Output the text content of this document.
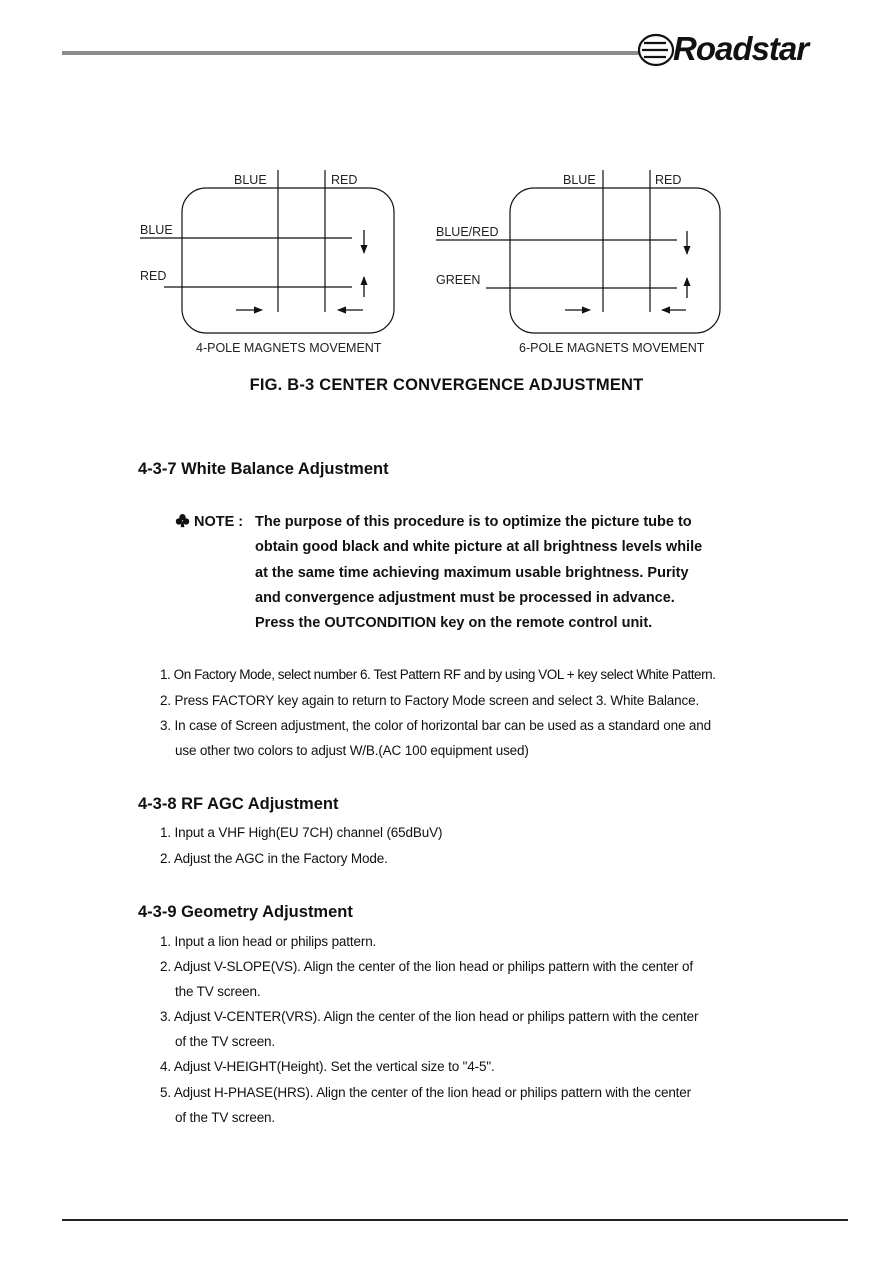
Roadstar
BLUE	RED
BLUE
RED
4-POLE MAGNETS MOVEMENT
BLUE	RED
BLUE/RED
GREEN
6-POLE MAGNETS MOVEMENT
FIG. B-3 CENTER CONVERGENCE ADJUSTMENT
4-3-7 White Balance Adjustment
NOTE : The purpose of this procedure is to optimize the picture tube to
obtain good black and white picture at all brightness levels while
at the same time achieving maximum usable brightness. Purity
and convergence adjustment must be processed in advance.
Press the OUTCONDITION key on the remote control unit.
1. On Factory Mode, select number 6. Test Pattern RF and by using VOL + key select White Pattern.
2. Press FACTORY key again to return to Factory Mode screen and select 3. White Balance.
3. In case of Screen adjustment, the color of horizontal bar can be used as a standard one and
use other two colors to adjust W/B.(AC 100 equipment used)
4-3-8 RF AGC Adjustment
1. Input a VHF High(EU 7CH) channel (65dBuV)
2. Adjust the AGC in the Factory Mode.
4-3-9 Geometry Adjustment
1. Input a lion head or philips pattern.
2. Adjust V-SLOPE(VS). Align the center of the lion head or philips pattern with the center of
the TV screen.
3. Adjust V-CENTER(VRS). Align the center of the lion head or philips pattern with the center
of the TV screen.
4. Adjust V-HEIGHT(Height). Set the vertical size to "4-5".
5. Adjust H-PHASE(HRS). Align the center of the lion head or philips pattern with the center
of the TV screen.
